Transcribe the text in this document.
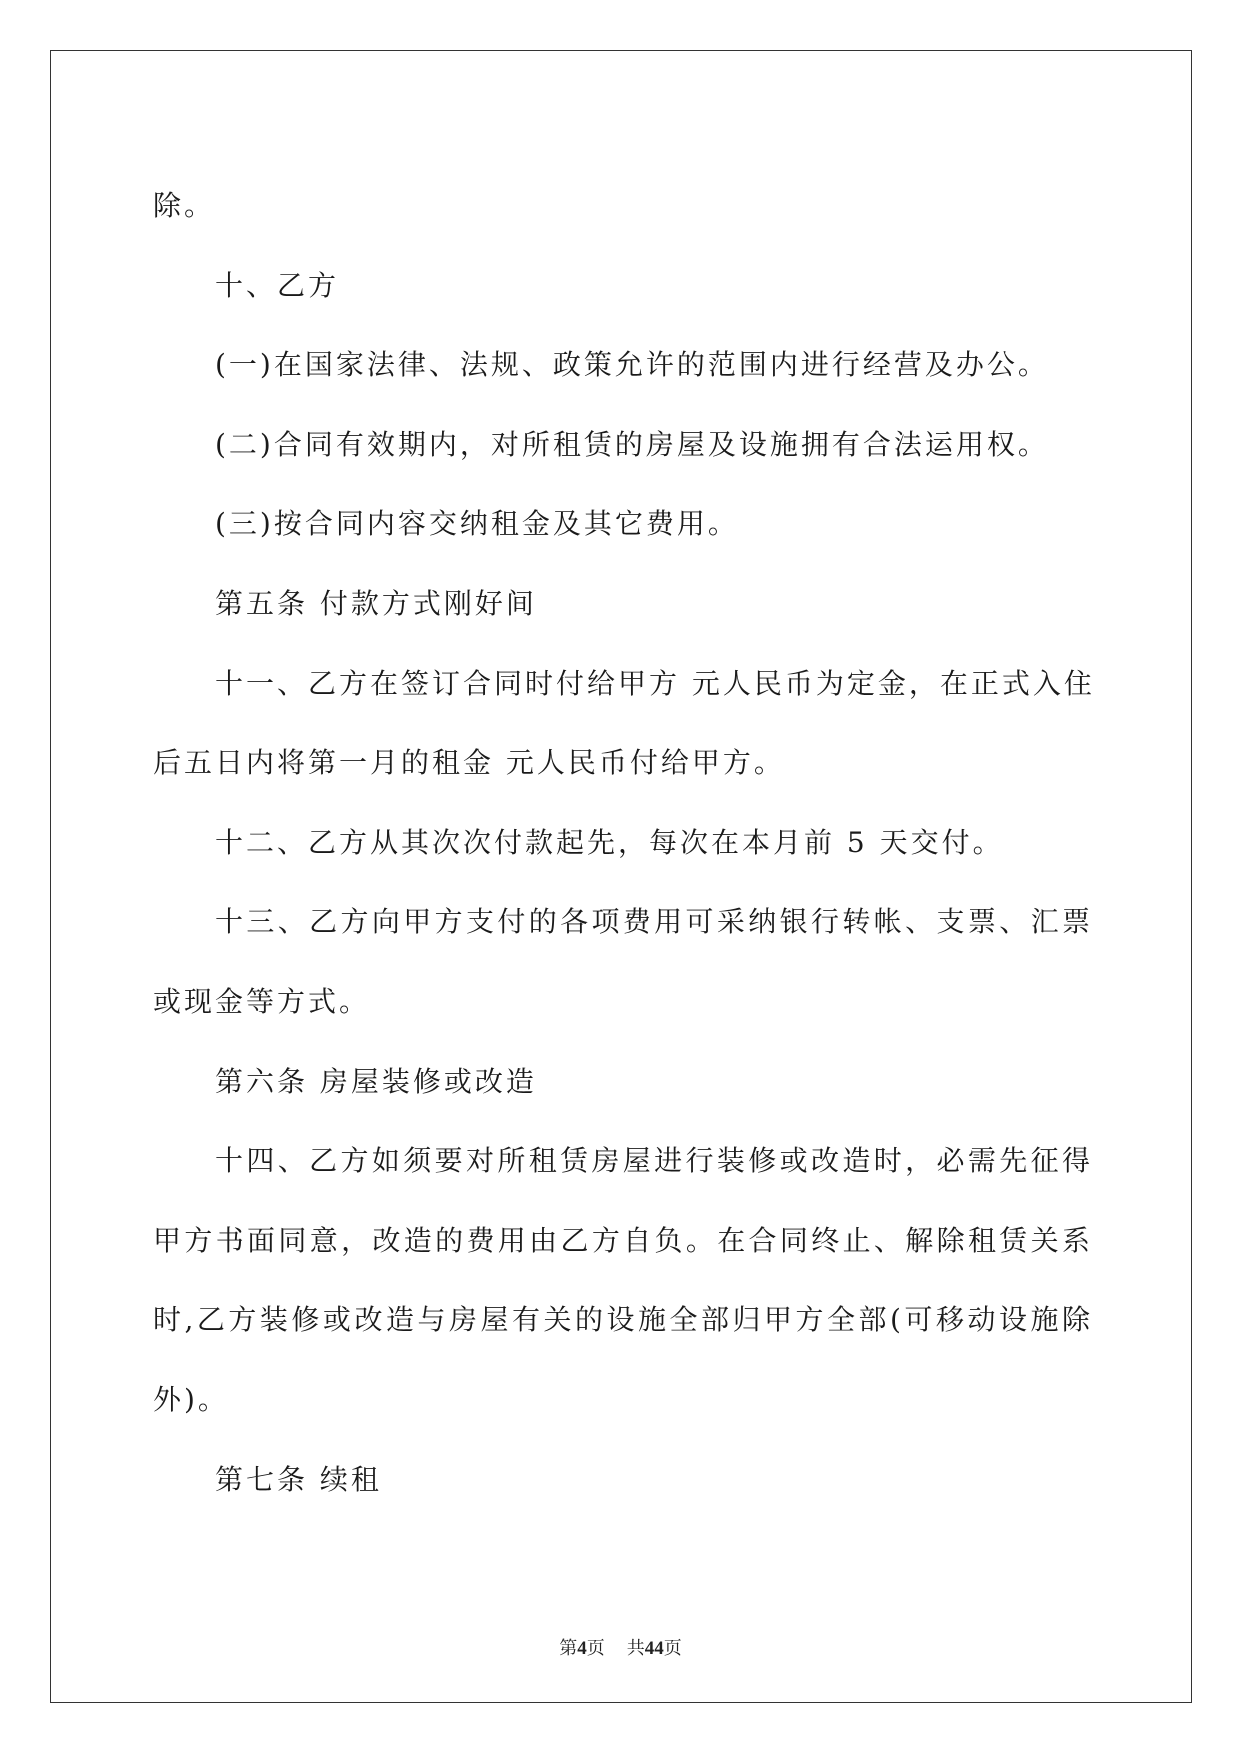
除。

十、乙方

(一)在国家法律、法规、政策允许的范围内进行经营及办公。

(二)合同有效期内，对所租赁的房屋及设施拥有合法运用权。

(三)按合同内容交纳租金及其它费用。

第五条 付款方式刚好间

十一、乙方在签订合同时付给甲方 元人民币为定金，在正式入住

后五日内将第一月的租金 元人民币付给甲方。

十二、乙方从其次次付款起先，每次在本月前 5 天交付。

十三、乙方向甲方支付的各项费用可采纳银行转帐、支票、汇票

或现金等方式。

第六条 房屋装修或改造

十四、乙方如须要对所租赁房屋进行装修或改造时，必需先征得

甲方书面同意，改造的费用由乙方自负。在合同终止、解除租赁关系

时,乙方装修或改造与房屋有关的设施全部归甲方全部(可移动设施除

外)。

第七条 续租

第4页 共44页
